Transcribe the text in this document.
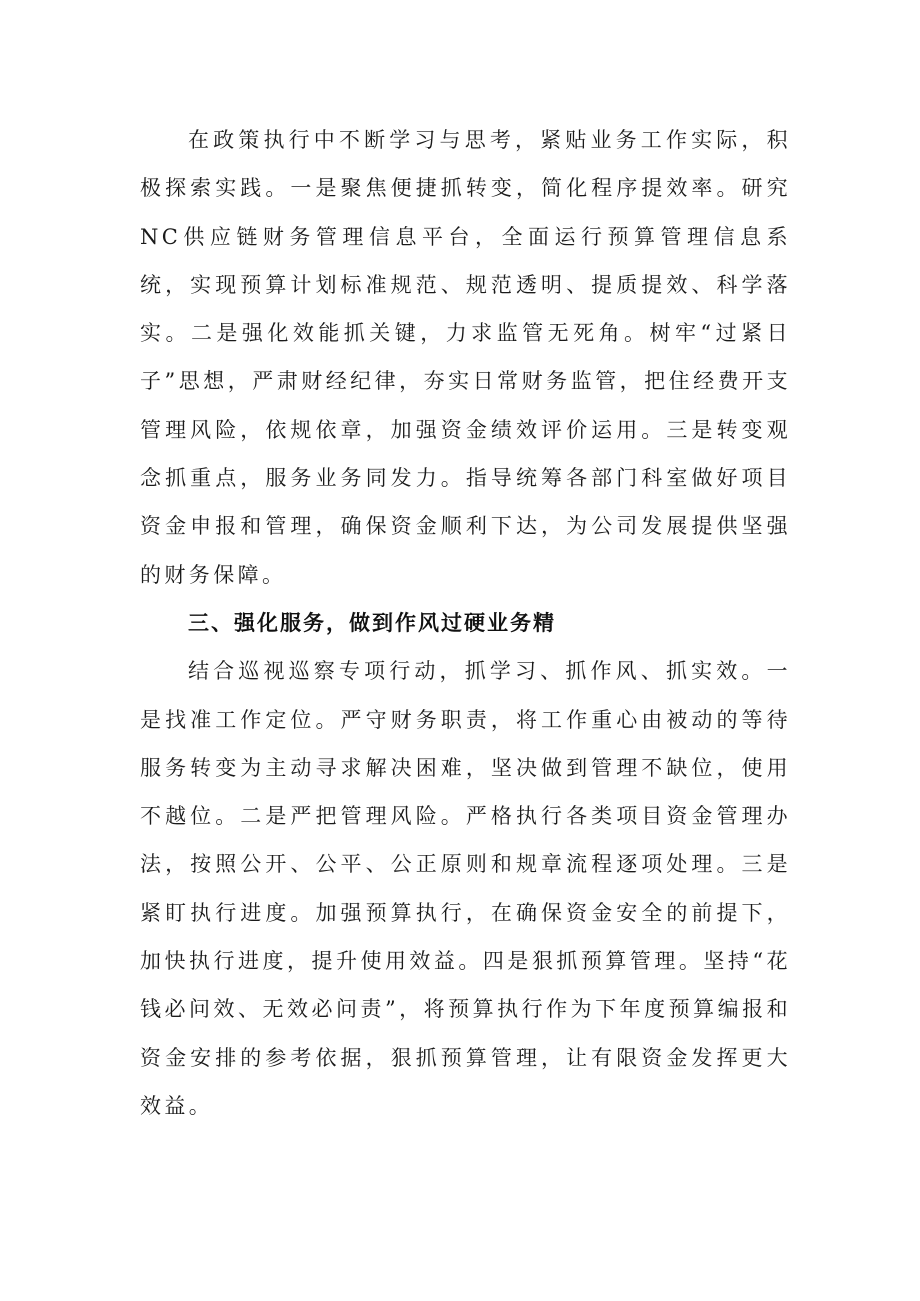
在政策执行中不断学习与思考，紧贴业务工作实际，积极探索实践。一是聚焦便捷抓转变，简化程序提效率。研究NC供应链财务管理信息平台，全面运行预算管理信息系统，实现预算计划标准规范、规范透明、提质提效、科学落实。二是强化效能抓关键，力求监管无死角。树牢“过紧日子”思想，严肃财经纪律，夯实日常财务监管，把住经费开支管理风险，依规依章，加强资金绩效评价运用。三是转变观念抓重点，服务业务同发力。指导统筹各部门科室做好项目资金申报和管理，确保资金顺利下达，为公司发展提供坚强的财务保障。

三、强化服务，做到作风过硬业务精

结合巡视巡察专项行动，抓学习、抓作风、抓实效。一是找准工作定位。严守财务职责，将工作重心由被动的等待服务转变为主动寻求解决困难，坚决做到管理不缺位，使用不越位。二是严把管理风险。严格执行各类项目资金管理办法，按照公开、公平、公正原则和规章流程逐项处理。三是紧盯执行进度。加强预算执行，在确保资金安全的前提下，加快执行进度，提升使用效益。四是狠抓预算管理。坚持“花钱必问效、无效必问责”，将预算执行作为下年度预算编报和资金安排的参考依据，狠抓预算管理，让有限资金发挥更大效益。
